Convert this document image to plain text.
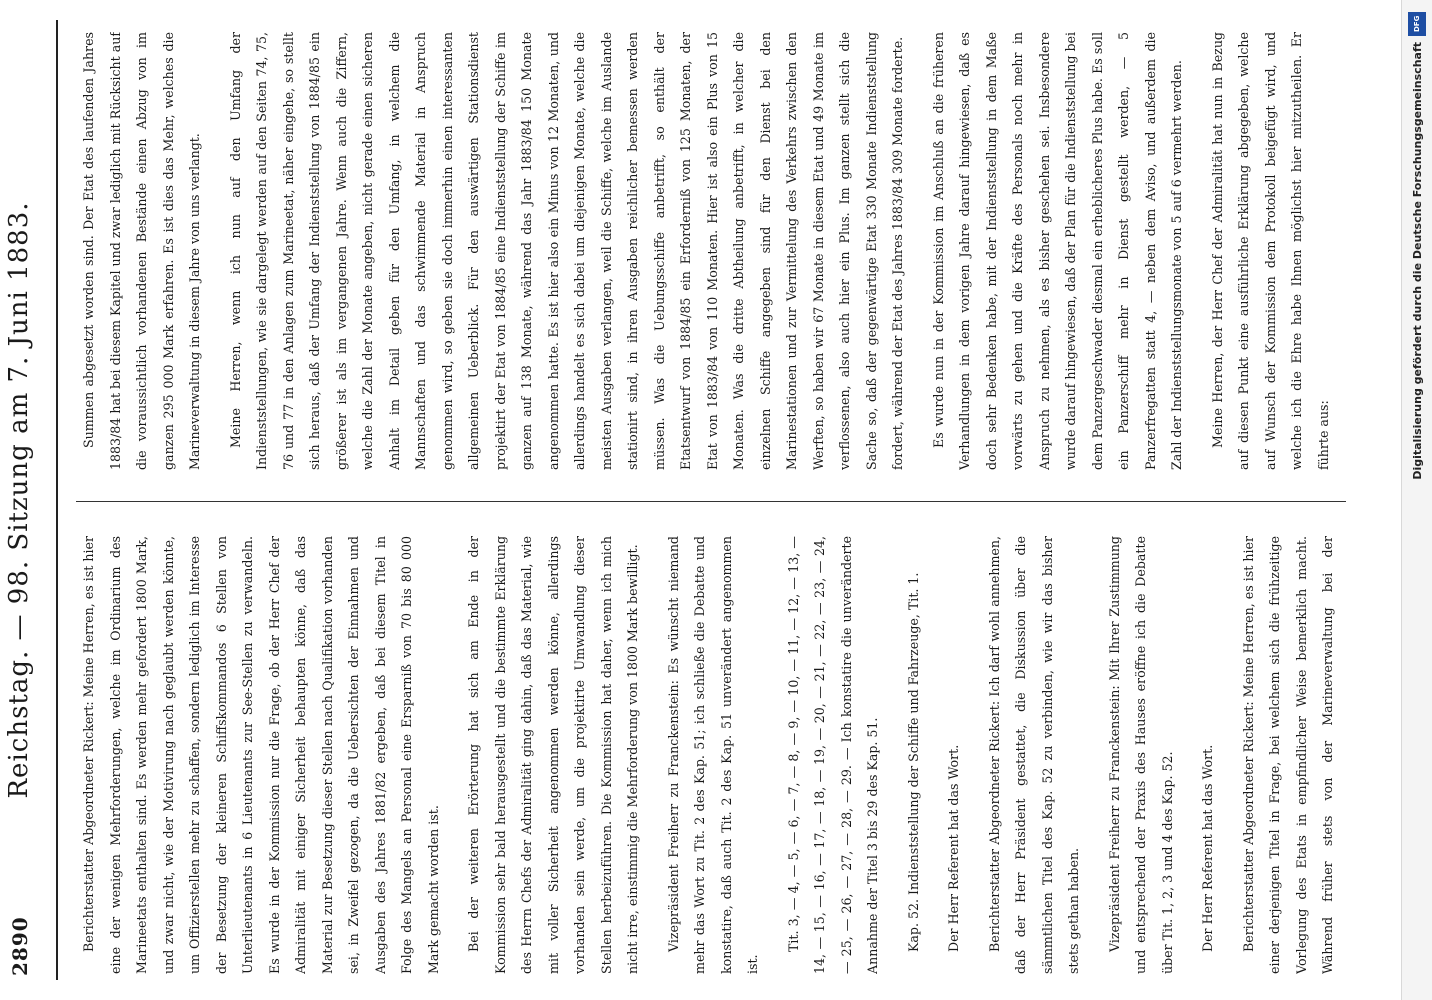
2890
Reichstag. — 98. Sitzung am 7. Juni 1883.	Berichterstatter Abgeordneter Rickert: Meine Herren, es ist hier eine der wenigen Mehrforderungen, welche im Ordinarium des Marineetats enthalten sind. Es werden mehr gefordert 1800 Mark, und zwar nicht, wie der Motivirung nach geglaubt werden könnte, um Offizierstellen mehr zu schaffen, sondern lediglich im Interesse der Besetzung der kleineren Schiffskommandos 6 Stellen von Unterlieutenants in 6 Lieutenants zur See-Stellen zu verwandeln. Es wurde in der Kommission nur die Frage, ob der Herr Chef der Admiralität mit einiger Sicherheit behaupten könne, daß das Material zur Besetzung dieser Stellen nach Qualifikation vorhanden sei, in Zweifel gezogen, da die Uebersichten der Einnahmen und Ausgaben des Jahres 1881/82 ergeben, daß bei diesem Titel in Folge des Mangels an Personal eine Ersparniß von 70 bis 80 000 Mark gemacht worden ist.	Bei der weiteren Erörterung hat sich am Ende in der Kommission sehr bald herausgestellt und die bestimmte Erklärung des Herrn Chefs der Admiralität ging dahin, daß das Material, wie mit voller Sicherheit angenommen werden könne, allerdings vorhanden sein werde, um die projektirte Umwandlung dieser Stellen herbeizuführen. Die Kommission hat daher, wenn ich mich nicht irre, einstimmig die Mehrforderung von 1800 Mark bewilligt.	Vizepräsident Freiherr zu Franckenstein: Es wünscht niemand mehr das Wort zu Tit. 2 des Kap. 51; ich schließe die Debatte und konstatire, daß auch Tit. 2 des Kap. 51 unverändert angenommen ist.

Tit. 3, — 4, — 5, — 6, — 7, — 8, — 9, — 10, — 11, — 12, — 13, — 14, — 15, — 16, — 17, — 18, — 19, — 20, — 21, — 22, — 23, — 24, — 25, — 26, — 27, — 28, — 29. — Ich konstatire die unveränderte Annahme der Titel 3 bis 29 des Kap. 51.	Kap. 52. Indienststellung der Schiffe und Fahrzeuge, Tit. 1.	Der Herr Referent hat das Wort.	Berichterstatter Abgeordneter Rickert: Ich darf wohl annehmen, daß der Herr Präsident gestattet, die Diskussion über die sämmtlichen Titel des Kap. 52 zu verbinden, wie wir das bisher stets gethan haben.	Vizepräsident Freiherr zu Franckenstein: Mit Ihrer Zustimmung und entsprechend der Praxis des Hauses eröffne ich die Debatte über Tit. 1, 2, 3 und 4 des Kap. 52.	Der Herr Referent hat das Wort.	Berichterstatter Abgeordneter Rickert: Meine Herren, es ist hier einer derjenigen Titel in Frage, bei welchem sich die frühzeitige Vorlegung des Etats in empfindlicher Weise bemerklich macht. Während früher stets von der Marineverwaltung bei der

Summen abgesetzt worden sind. Der Etat des laufenden Jahres 1883/84 hat bei diesem Kapitel und zwar lediglich mit Rücksicht auf die voraussichtlich vorhandenen Bestände einen Abzug von im ganzen 295 000 Mark erfahren. Es ist dies das Mehr, welches die Marineverwaltung in diesem Jahre von uns verlangt.	Meine Herren, wenn ich nun auf den Umfang der Indienststellungen, wie sie dargelegt werden auf den Seiten 74, 75, 76 und 77 in den Anlagen zum Marineetat, näher eingehe, so stellt sich heraus, daß der Umfang der Indienststellung von 1884/85 ein größerer ist als im vergangenen Jahre. Wenn auch die Ziffern, welche die Zahl der Monate angeben, nicht gerade einen sicheren Anhalt im Detail geben für den Umfang, in welchem die Mannschaften und das schwimmende Material in Anspruch genommen wird, so geben sie doch immerhin einen interessanten allgemeinen Ueberblick. Für den auswärtigen Stationsdienst projektirt der Etat von 1884/85 eine Indienststellung der Schiffe im ganzen auf 138 Monate, während das Jahr 1883/84 150 Monate angenommen hatte. Es ist hier also ein Minus von 12 Monaten, und allerdings handelt es sich dabei um diejenigen Monate, welche die meisten Ausgaben verlangen, weil die Schiffe, welche im Auslande stationirt sind, in ihren Ausgaben reichlicher bemessen werden müssen. Was die Uebungsschiffe anbetrifft, so enthält der Etatsentwurf von 1884/85 ein Erforderniß von 125 Monaten, der Etat von 1883/84 von 110 Monaten. Hier ist also ein Plus von 15 Monaten. Was die dritte Abtheilung anbetrifft, in welcher die einzelnen Schiffe angegeben sind für den Dienst bei den Marinestationen und zur Vermittelung des Verkehrs zwischen den Werften, so haben wir 67 Monate in diesem Etat und 49 Monate im verflossenen, also auch hier ein Plus. Im ganzen stellt sich die Sache so, daß der gegenwärtige Etat 330 Monate Indienststellung fordert, während der Etat des Jahres 1883/84 309 Monate forderte.	Es wurde nun in der Kommission im Anschluß an die früheren Verhandlungen in dem vorigen Jahre darauf hingewiesen, daß es doch sehr Bedenken habe, mit der Indienststellung in dem Maße vorwärts zu gehen und die Kräfte des Personals noch mehr in Anspruch zu nehmen, als es bisher geschehen sei. Insbesondere wurde darauf hingewiesen, daß der Plan für die Indienststellung bei dem Panzergeschwader diesmal ein erheblicheres Plus habe. Es soll ein Panzerschiff mehr in Dienst gestellt werden, — 5 Panzerfregatten statt 4, — neben dem Aviso, und außerdem die Zahl der Indienststellungsmonate von 5 auf 6 vermehrt werden.	Meine Herren, der Herr Chef der Admiralität hat nun in Bezug auf diesen Punkt eine ausführliche Erklärung abgegeben, welche auf Wunsch der Kommission dem Protokoll beigefügt wird, und welche ich die Ehre habe Ihnen möglichst hier mitzutheilen. Er führte aus:

DFG
Digitalisierung gefördert durch die Deutsche Forschungsgemeinschaft
